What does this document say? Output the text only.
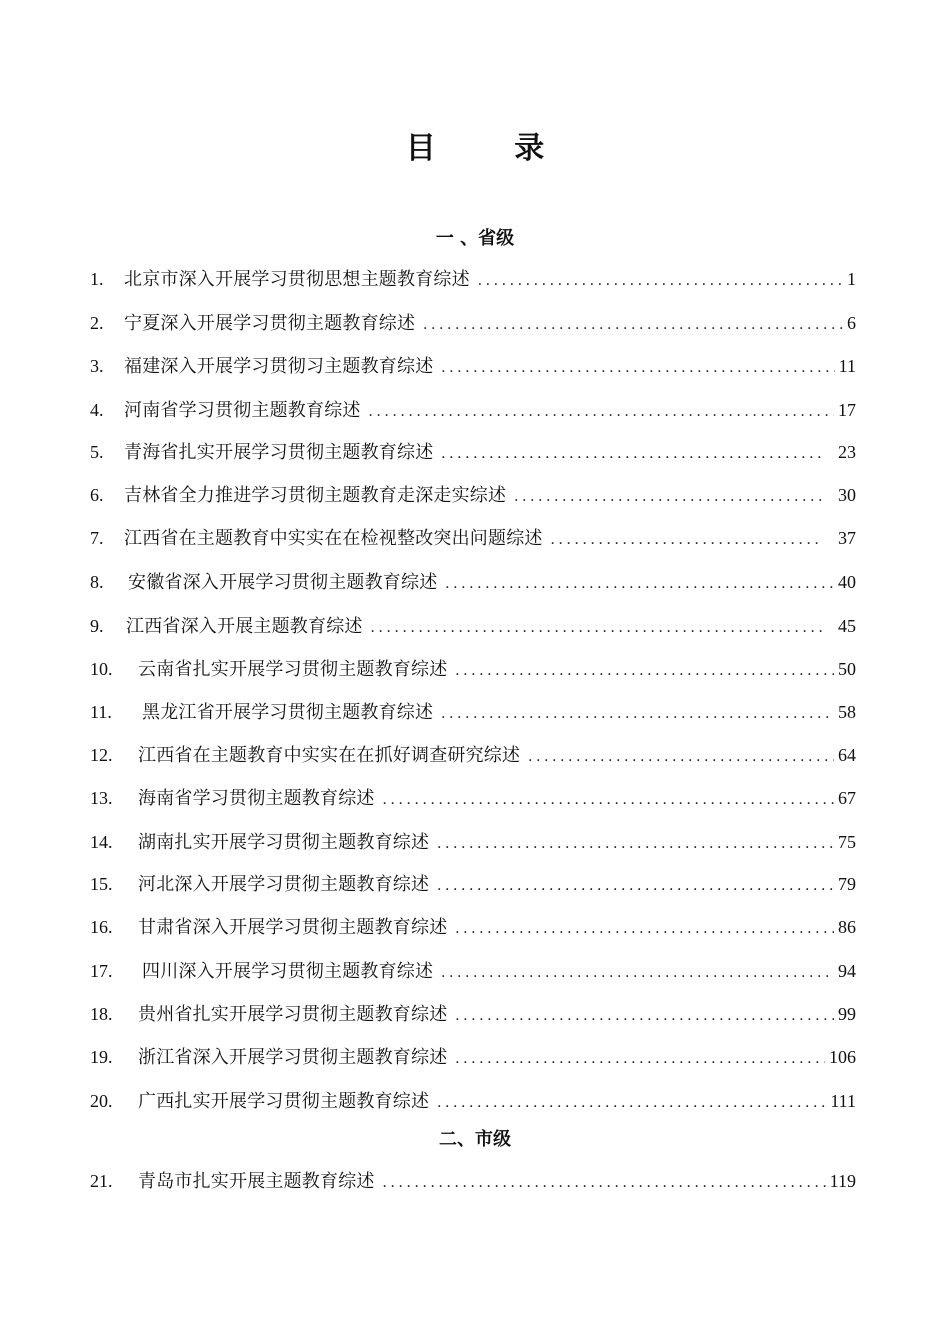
目 录
一 、省级
1.	北京市深入开展学习贯彻思想主题教育综述 . . .	1
2.	宁夏深入开展学习贯彻主题教育综述 . . .	6
3.	福建深入开展学习贯彻习主题教育综述 . . .	11
4.	河南省学习贯彻主题教育综述 . . .	17
5.	青海省扎实开展学习贯彻主题教育综述 . . .	23
6.	吉林省全力推进学习贯彻主题教育走深走实综述 . . .	30
7.	江西省在主题教育中实实在在检视整改突出问题综述 . . .	37
8.	安徽省深入开展学习贯彻主题教育综述 . . .	40
9.	江西省深入开展主题教育综述 . . .	45
10.	云南省扎实开展学习贯彻主题教育综述 . . .	50
11.	黑龙江省开展学习贯彻主题教育综述 . . .	58
12.	江西省在主题教育中实实在在抓好调查研究综述 . . .	64
13.	海南省学习贯彻主题教育综述 . . .	67
14.	湖南扎实开展学习贯彻主题教育综述 . . .	75
15.	河北深入开展学习贯彻主题教育综述 . . .	79
16.	甘肃省深入开展学习贯彻主题教育综述 . . .	86
17.	四川深入开展学习贯彻主题教育综述 . . .	94
18.	贵州省扎实开展学习贯彻主题教育综述 . . .	99
19.	浙江省深入开展学习贯彻主题教育综述 . . .	106
20.	广西扎实开展学习贯彻主题教育综述 . . .	111
二、市级
21.	青岛市扎实开展主题教育综述 . . .	119
